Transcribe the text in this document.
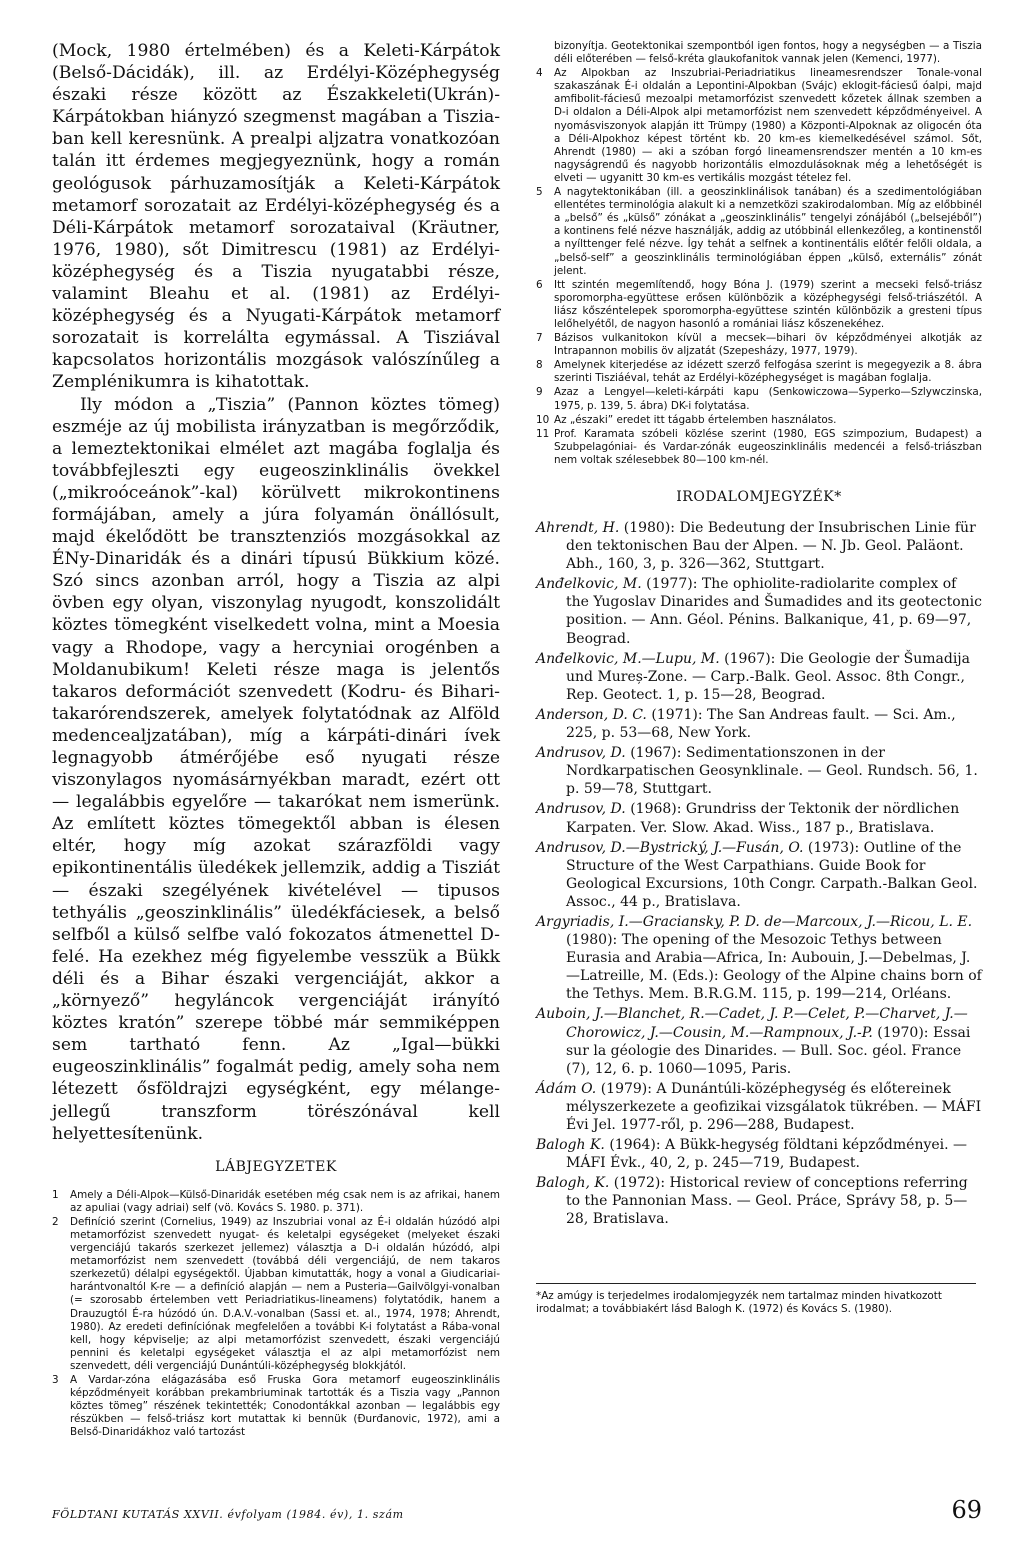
(Mock, 1980 értelmében) és a Keleti-Kárpátok (Belső-Dácidák), ill. az Erdélyi-Középhegység északi része között az Északkeleti(Ukrán)-Kárpátokban hiányzó szegmenst magában a Tiszia-ban kell keresnünk. A prealpi aljzatra vonatkozóan talán itt érdemes megjegyeznünk, hogy a román geológusok párhuzamosítják a Keleti-Kárpátok metamorf sorozatait az Erdélyi-középhegység és a Déli-Kárpátok metamorf sorozataival (Kräutner, 1976, 1980), sőt Dimitrescu (1981) az Erdélyi-középhegység és a Tiszia nyugatabbi része, valamint Bleahu et al. (1981) az Erdélyi-középhegység és a Nyugati-Kárpátok metamorf sorozatait is korrelálta egymással. A Tisziával kapcsolatos horizontális mozgások valószínűleg a Zemplénikumra is kihatottak.

Ily módon a „Tiszia” (Pannon köztes tömeg) eszméje az új mobilista irányzatban is megőrződik, a lemeztektonikai elmélet azt magába foglalja és továbbfejleszti egy eugeoszinklinális övekkel („mikroóceánok”-kal) körülvett mikrokontinens formájában, amely a júra folyamán önállósult, majd ékelődött be transztenziós mozgásokkal az ÉNy-Dinaridák és a dinári típusú Bükkium közé. Szó sincs azonban arról, hogy a Tiszia az alpi övben egy olyan, viszonylag nyugodt, konszolidált köztes tömegként viselkedett volna, mint a Moesia vagy a Rhodope, vagy a hercyniai orogénben a Moldanubikum! Keleti része maga is jelentős takaros deformációt szenvedett (Kodru- és Bihari-takarórendszerek, amelyek folytatódnak az Alföld medencealjzatában), míg a kárpáti-dinári ívek legnagyobb átmérőjébe eső nyugati része viszonylagos nyomásárnyékban maradt, ezért ott — legalábbis egyelőre — takarókat nem ismerünk. Az említett köztes tömegektől abban is élesen eltér, hogy míg azokat szárazföldi vagy epikontinentális üledékek jellemzik, addig a Tisziát — északi szegélyének kivételével — tipusos tethyális „geoszinklinális” üledékfáciesek, a belső selfből a külső selfbe való fokozatos átmenettel D-felé. Ha ezekhez még figyelembe vesszük a Bükk déli és a Bihar északi vergenciáját, akkor a „környező” hegyláncok vergenciáját irányító köztes kratón” szerepe többé már semmiképpen sem tartható fenn. Az „Igal—bükki eugeoszinklinális” fogalmát pedig, amely soha nem létezett ősföldrajzi egységként, egy mélange-jellegű transzform törészónával kell helyettesítenünk.

LÁBJEGYZETEK
1	Amely a Déli-Alpok—Külső-Dinaridák esetében még csak nem is az afrikai, hanem az apuliai (vagy adriai) self (vö. Kovács S. 1980. p. 371).
2	Definíció szerint (Cornelius, 1949) az Inszubriai vonal az É-i oldalán húzódó alpi metamorfózist szenvedett nyugat- és keletalpi egységeket (melyeket északi vergenciájú takarós szerkezet jellemez) választja a D-i oldalán húzódó, alpi metamorfózist nem szenvedett (továbbá déli vergenciájú, de nem takaros szerkezetű) délalpi egységektől. Újabban kimutatták, hogy a vonal a Giudicariai-harántvonaltól K-re — a definíció alapján — nem a Pusteria—Gailvölgyi-vonalban (= szorosabb értelemben vett Periadriatikus-lineamens) folytatódik, hanem a Drauzugtól É-ra húzódó ún. D.A.V.-vonalban (Sassi et. al., 1974, 1978; Ahrendt, 1980). Az eredeti definíciónak megfelelően a további K-i folytatást a Rába-vonal kell, hogy képviselje; az alpi metamorfózist szenvedett, északi vergenciájú pennini és keletalpi egységeket választja el az alpi metamorfózist nem szenvedett, déli vergenciájú Dunántúli-középhegység blokkjától.
3	A Vardar-zóna elágazásába eső Fruska Gora metamorf eugeoszinklinális képződményeit korábban prekambriuminak tartották és a Tiszia vagy „Pannon köztes tömeg” részének tekintették; Conodontákkal azonban — legalábbis egy részükben — felső-triász kort mutattak ki bennük (Đurđanovic, 1972), ami a Belső-Dinaridákhoz való tartozást
bizonyítja. Geotektonikai szempontból igen fontos, hogy a negységben — a Tiszia déli előterében — felső-kréta glaukofanitok vannak jelen (Kemenci, 1977).
4	Az Alpokban az Inszubriai-Periadriatikus lineamesrendszer Tonale-vonal szakaszának É-i oldalán a Lepontini-Alpokban (Svájc) eklogit-fáciesű óalpi, majd amfibolit-fáciesű mezoalpi metamorfózist szenvedett kőzetek állnak szemben a D-i oldalon a Déli-Alpok alpi metamorfózist nem szenvedett képződményeivel. A nyomásviszonyok alapján itt Trümpy (1980) a Központi-Alpoknak az oligocén óta a Déli-Alpokhoz képest történt kb. 20 km-es kiemelkedésével számol. Sőt, Ahrendt (1980) — aki a szóban forgó lineamensrendszer mentén a 10 km-es nagyságrendű és nagyobb horizontális elmozdulásoknak még a lehetőségét is elveti — ugyanitt 30 km-es vertikális mozgást tételez fel.
5	A nagytektonikában (ill. a geoszinklinálisok tanában) és a szedimentológiában ellentétes terminológia alakult ki a nemzetközi szakirodalomban. Míg az előbbinél a „belső” és „külső” zónákat a „geoszinklinális” tengelyi zónájából („belsejéből”) a kontinens felé nézve használják, addig az utóbbinál ellenkezőleg, a kontinenstől a nyílttenger felé nézve. Így tehát a selfnek a kontinentális előtér felőli oldala, a „belső-self” a geoszinklinális terminológiában éppen „külső, externális” zónát jelent.
6	Itt szintén megemlítendő, hogy Bóna J. (1979) szerint a mecseki felső-triász sporomorpha-együttese erősen különbözik a középhegységi felső-triászétól. A liász kőszéntelepek sporomorpha-együttese szintén különbözik a gresteni típus lelőhelyétől, de nagyon hasonló a romániai liász kőszenekéhez.
7	Bázisos vulkanitokon kívül a mecsek—bihari öv képződményei alkotják az Intrapannon mobilis öv aljzatát (Szepesházy, 1977, 1979).
8	Amelynek kiterjedése az idézett szerző felfogása szerint is megegyezik a 8. ábra szerinti Tisziáéval, tehát az Erdélyi-középhegységet is magában foglalja.
9	Azaz a Lengyel—keleti-kárpáti kapu (Senkowiczowa—Syperko—Szlywczinska, 1975, p. 139, 5. ábra) DK-i folytatása.
10 Az „északi” eredet itt tágabb értelemben használatos.
11 Prof. Karamata szóbeli közlése szerint (1980, EGS szimpozium, Budapest) a Szubpelagóniai- és Vardar-zónák eugeoszinklinális medencéi a felső-triászban nem voltak szélesebbek 80—100 km-nél.
IRODALOMJEGYZÉK*
Ahrendt, H. (1980): Die Bedeutung der Insubrischen Linie für den tektonischen Bau der Alpen. — N. Jb. Geol. Paläont. Abh., 160, 3, p. 326—362, Stuttgart.
Anđelkovic, M. (1977): The ophiolite-radiolarite complex of the Yugoslav Dinarides and Šumadides and its geotectonic position. — Ann. Géol. Pénins. Balkanique, 41, p. 69—97, Beograd.
Anđelkovic, M.—Lupu, M. (1967): Die Geologie der Šumadija und Mureș-Zone. — Carp.-Balk. Geol. Assoc. 8th Congr., Rep. Geotect. 1, p. 15—28, Beograd.
Anderson, D. C. (1971): The San Andreas fault. — Sci. Am., 225, p. 53—68, New York.
Andrusov, D. (1967): Sedimentationszonen in der Nordkarpatischen Geosynklinale. — Geol. Rundsch. 56, 1. p. 59—78, Stuttgart.
Andrusov, D. (1968): Grundriss der Tektonik der nördlichen Karpaten. Ver. Slow. Akad. Wiss., 187 p., Bratislava.
Andrusov, D.—Bystrický, J.—Fusán, O. (1973): Outline of the Structure of the West Carpathians. Guide Book for Geological Excursions, 10th Congr. Carpath.-Balkan Geol. Assoc., 44 p., Bratislava.
Argyriadis, I.—Graciansky, P. D. de—Marcoux, J.—Ricou, L. E. (1980): The opening of the Mesozoic Tethys between Eurasia and Arabia—Africa, In: Aubouin, J.—Debelmas, J.—Latreille, M. (Eds.): Geology of the Alpine chains born of the Tethys. Mem. B.R.G.M. 115, p. 199—214, Orléans.
Auboin, J.—Blanchet, R.—Cadet, J. P.—Celet, P.—Charvet, J.—Chorowicz, J.—Cousin, M.—Rampnoux, J.-P. (1970): Essai sur la géologie des Dinarides. — Bull. Soc. géol. France (7), 12, 6. p. 1060—1095, Paris.
Ádám O. (1979): A Dunántúli-középhegység és előtereinek mélyszerkezete a geofizikai vizsgálatok tükrében. — MÁFI Évi Jel. 1977-ről, p. 296—288, Budapest.
Balogh K. (1964): A Bükk-hegység földtani képződményei. — MÁFI Évk., 40, 2, p. 245—719, Budapest.
Balogh, K. (1972): Historical review of conceptions referring to the Pannonian Mass. — Geol. Práce, Správy 58, p. 5—28, Bratislava.
*Az amúgy is terjedelmes irodalomjegyzék nem tartalmaz minden hivatkozott irodalmat; a továbbiakért lásd Balogh K. (1972) és Kovács S. (1980).
FÖLDTANI KUTATÁS XXVII. évfolyam (1984. év), 1. szám	69
